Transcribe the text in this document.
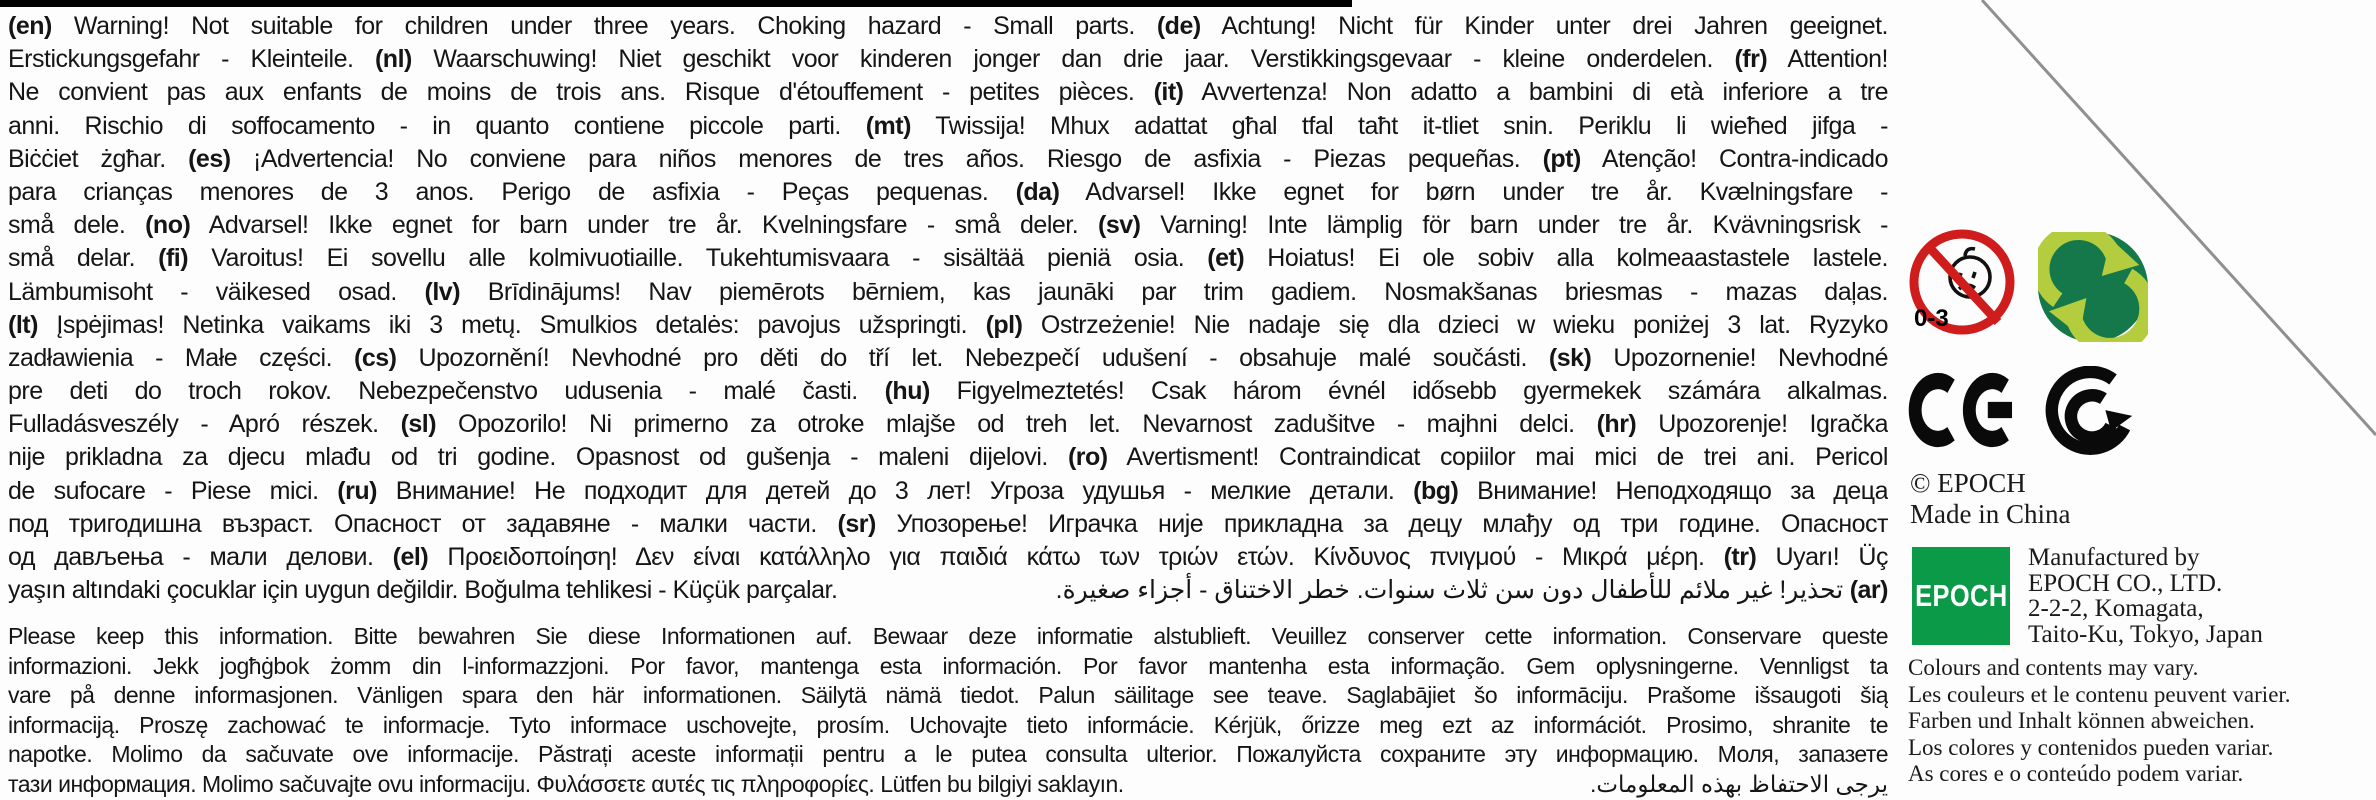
(en) Warning! Not suitable for children under three years. Choking hazard - Small parts. (de) Achtung! Nicht für Kinder unter drei Jahren geeignet.
Erstickungsgefahr - Kleinteile. (nl) Waarschuwing! Niet geschikt voor kinderen jonger dan drie jaar. Verstikkingsgevaar - kleine onderdelen. (fr) Attention!
Ne convient pas aux enfants de moins de trois ans. Risque d'étouffement - petites pièces. (it) Avvertenza! Non adatto a bambini di età inferiore a tre
anni. Rischio di soffocamento - in quanto contiene piccole parti. (mt) Twissija! Mhux adattat għal tfal taħt it-tliet snin. Periklu li wieħed jifga -
Biċċiet żgħar. (es) ¡Advertencia! No conviene para niños menores de tres años. Riesgo de asfixia - Piezas pequeñas. (pt) Atenção! Contra-indicado
para crianças menores de 3 anos. Perigo de asfixia - Peças pequenas. (da) Advarsel! Ikke egnet for børn under tre år. Kvælningsfare -
små dele. (no) Advarsel! Ikke egnet for barn under tre år. Kvelningsfare - små deler. (sv) Varning! Inte lämplig för barn under tre år. Kvävningsrisk -
små delar. (fi) Varoitus! Ei sovellu alle kolmivuotiaille. Tukehtumisvaara - sisältää pieniä osia. (et) Hoiatus! Ei ole sobiv alla kolmeaastastele lastele.
Lämbumisoht - väikesed osad. (lv) Brīdinājums! Nav piemērots bērniem, kas jaunāki par trim gadiem. Nosmakšanas briesmas - mazas daļas.
(lt) Įspėjimas! Netinka vaikams iki 3 metų. Smulkios detalės: pavojus užspringti. (pl) Ostrzeżenie! Nie nadaje się dla dzieci w wieku poniżej 3 lat. Ryzyko
zadławienia - Małe części. (cs) Upozornění! Nevhodné pro děti do tří let. Nebezpečí udušení - obsahuje malé součásti. (sk) Upozornenie! Nevhodné
pre deti do troch rokov. Nebezpečenstvo udusenia - malé časti. (hu) Figyelmeztetés! Csak három évnél idősebb gyermekek számára alkalmas.
Fulladásveszély - Apró részek. (sl) Opozorilo! Ni primerno za otroke mlajše od treh let. Nevarnost zadušitve - majhni delci. (hr) Upozorenje! Igračka
nije prikladna za djecu mlađu od tri godine. Opasnost od gušenja - maleni dijelovi. (ro) Avertisment! Contraindicat copiilor mai mici de trei ani. Pericol
de sufocare - Piese mici. (ru) Внимание! Не подходит для детей до 3 лет! Угроза удушья - мелкие детали. (bg) Внимание! Неподходящо за деца
под тригодишна възраст. Опасност от задавяне - малки части. (sr) Упозорење! Играчка није прикладна за децу млађу од три године. Опасност
од дављења - мали делови. (el) Προειδοποίηση! Δεν είναι κατάλληλο για παιδιά κάτω των τριών ετών. Κίνδυνος πνιγμού - Μικρά μέρη. (tr) Uyarı! Üç
yaşın altındaki çocuklar için uygun değildir. Boğulma tehlikesi - Küçük parçalar.	(ar) تحذير! غير ملائم للأطفال دون سن ثلاث سنوات. خطر الاختناق - أجزاء صغيرة.
Please keep this information. Bitte bewahren Sie diese Informationen auf. Bewaar deze informatie alstublieft. Veuillez conserver cette information. Conservare queste
informazioni. Jekk jogħġbok żomm din l-informazzjoni. Por favor, mantenga esta información. Por favor mantenha esta informação. Gem oplysningerne. Vennligst ta
vare på denne informasjonen. Vänligen spara den här informationen. Säilytä nämä tiedot. Palun säilitage see teave. Saglabājiet šo informāciju. Prašome išsaugoti šią
informaciją. Proszę zachować te informacje. Tyto informace uschovejte, prosím. Uchovajte tieto informácie. Kérjük, őrizze meg ezt az információt. Prosimo, shranite te
napotke. Molimo da sačuvate ove informacije. Păstrați aceste informații pentru a le putea consulta ulterior. Пожалуйста сохраните эту информацию. Моля, запазете
тази информация. Molimo sačuvajte ovu informaciju. Φυλάσσετε αυτές τις πληροφορίες. Lütfen bu bilgiyi saklayın.	يرجى الاحتفاظ بهذه المعلومات.
0-3
© EPOCH
Made in China
EPOCH
Manufactured by
EPOCH CO., LTD.
2-2-2, Komagata,
Taito-Ku, Tokyo, Japan
Colours and contents may vary.
Les couleurs et le contenu peuvent varier.
Farben und Inhalt können abweichen.
Los colores y contenidos pueden variar.
As cores e o conteúdo podem variar.
